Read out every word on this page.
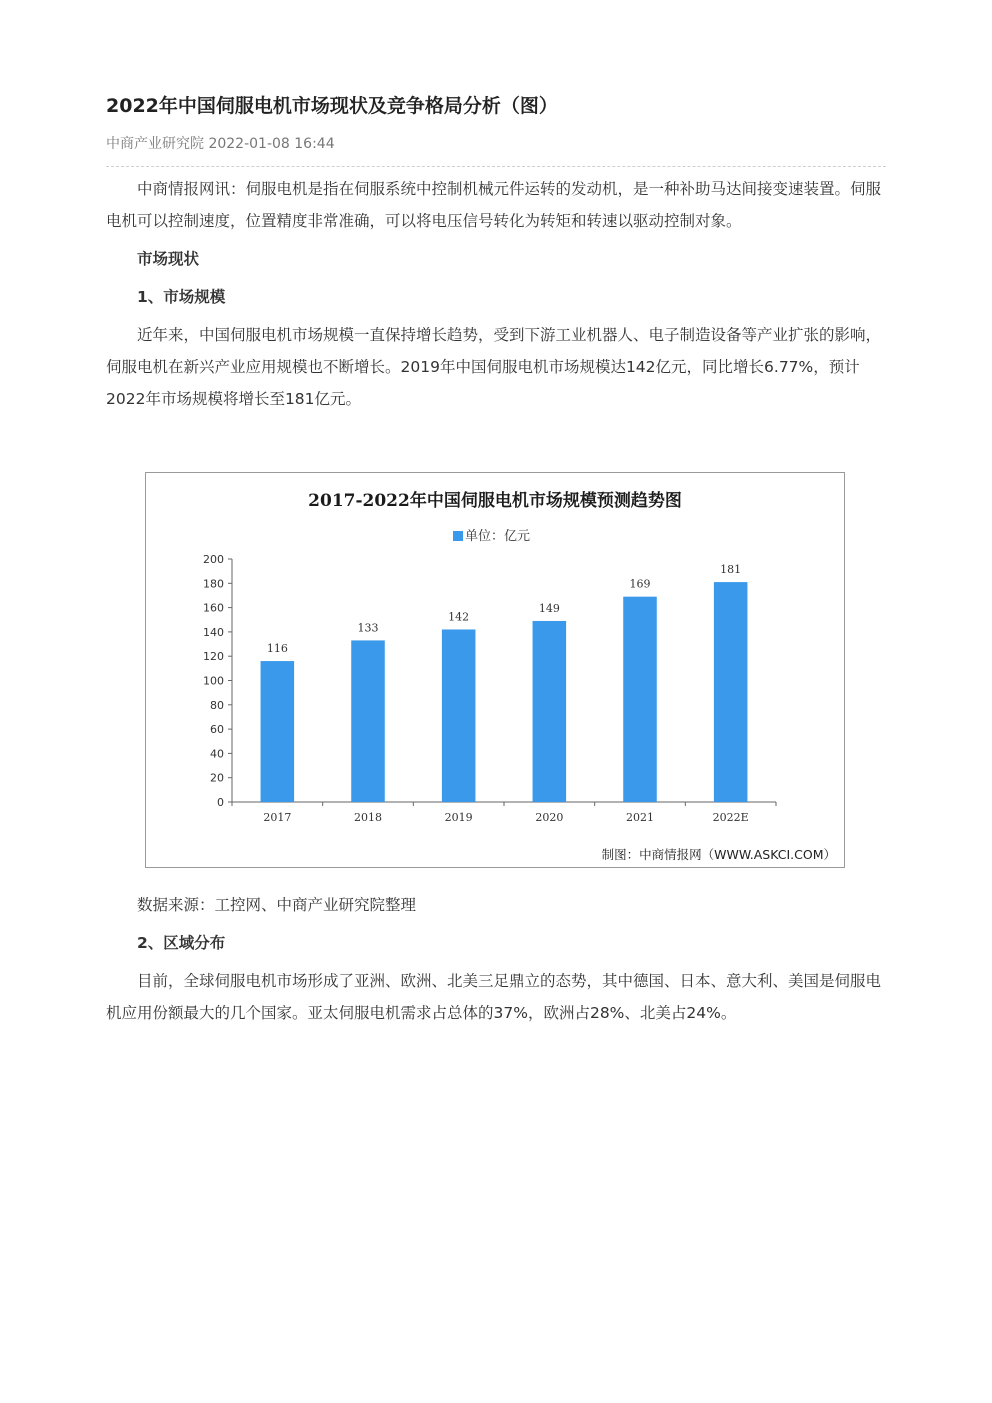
2022年中国伺服电机市场现状及竞争格局分析（图）
中商产业研究院 2022-01-08 16:44

中商情报网讯：伺服电机是指在伺服系统中控制机械元件运转的发动机，是一种补助马达间接变速装置。伺服电机可以控制速度，位置精度非常准确，可以将电压信号转化为转矩和转速以驱动控制对象。

市场现状

1、市场规模

近年来，中国伺服电机市场规模一直保持增长趋势，受到下游工业机器人、电子制造设备等产业扩张的影响，伺服电机在新兴产业应用规模也不断增长。2019年中国伺服电机市场规模达142亿元，同比增长6.77%，预计2022年市场规模将增长至181亿元。

2017-2022年中国伺服电机市场规模预测趋势图
单位：亿元
0
20
40
60
80
100
120
140
160
180
200
116
2017
133
2018
142
2019
149
2020
169
2021
181
2022E
制图：中商情报网（WWW.ASKCI.COM）

数据来源：工控网、中商产业研究院整理

2、区域分布

目前，全球伺服电机市场形成了亚洲、欧洲、北美三足鼎立的态势，其中德国、日本、意大利、美国是伺服电机应用份额最大的几个国家。亚太伺服电机需求占总体的37%，欧洲占28%、北美占24%。
